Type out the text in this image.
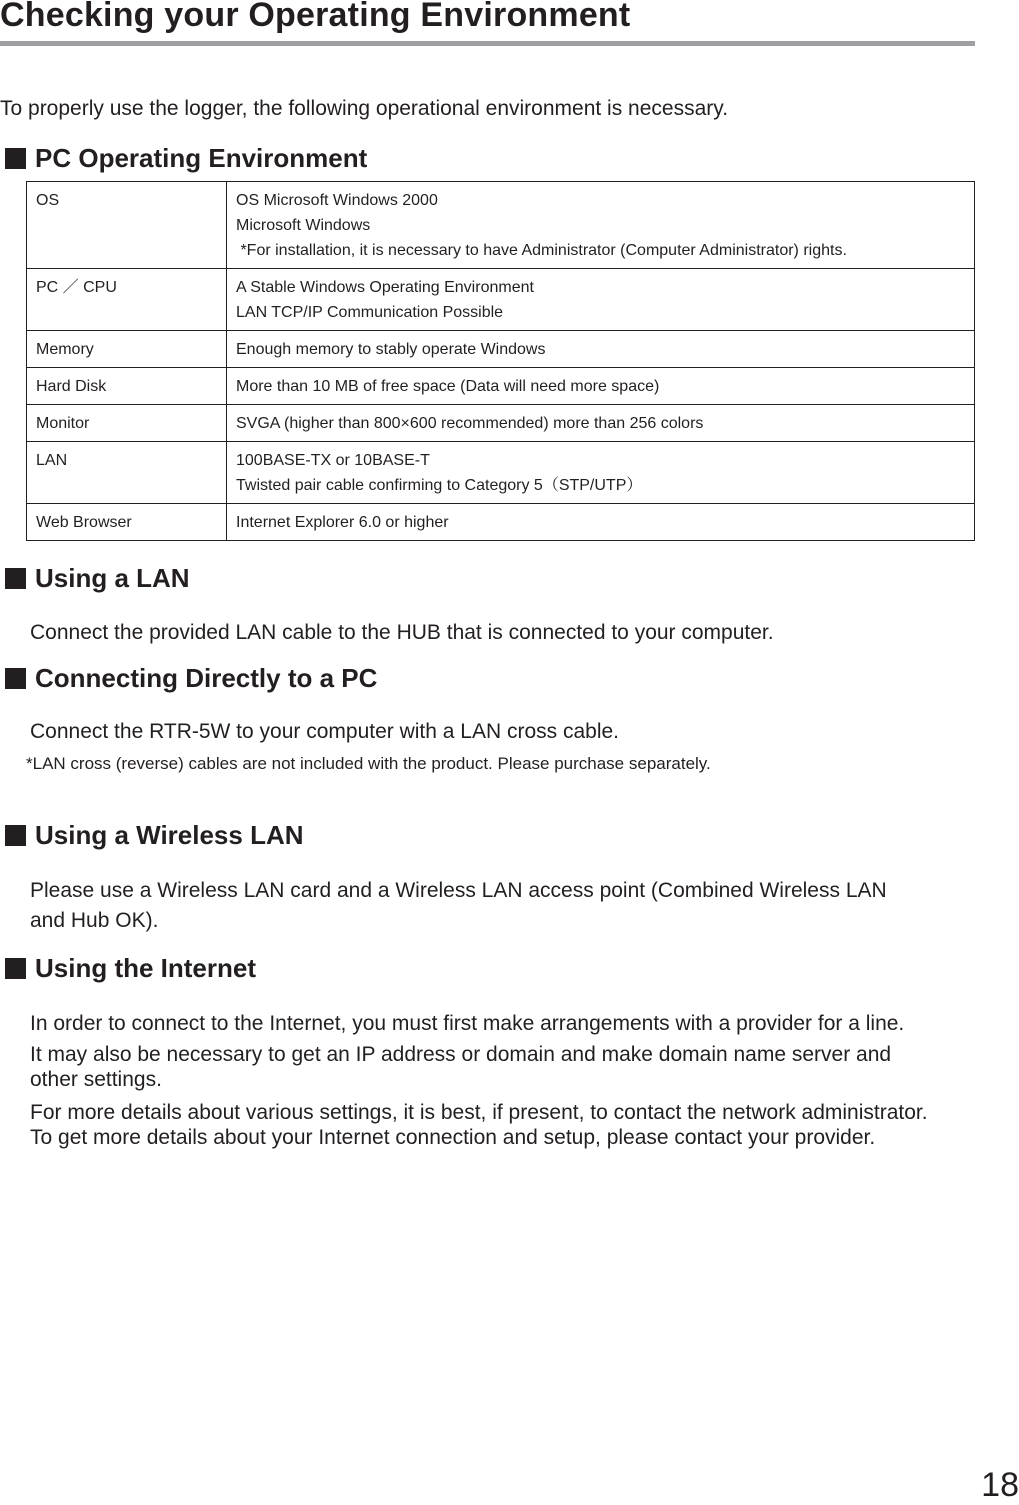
Checking your Operating Environment
To properly use the logger, the following operational environment is necessary.
PC Operating Environment
OS	OS Microsoft Windows 2000
Microsoft Windows
*For installation, it is necessary to have Administrator (Computer Administrator) rights.

PC ／ CPU	A Stable Windows Operating Environment
LAN TCP/IP Communication Possible

Memory	Enough memory to stably operate Windows

Hard Disk	More than 10 MB of free space (Data will need more space)

Monitor	SVGA (higher than 800×600 recommended) more than 256 colors

LAN	100BASE-TX or 10BASE-T
Twisted pair cable confirming to Category 5（STP/UTP）

Web Browser	Internet Explorer 6.0 or higher
Using a LAN

Connect the provided LAN cable to the HUB that is connected to your computer.

Connecting Directly to a PC

Connect the RTR-5W to your computer with a LAN cross cable.

*LAN cross (reverse) cables are not included with the product. Please purchase separately.

Using a Wireless LAN

Please use a Wireless LAN card and a Wireless LAN access point (Combined Wireless LAN

and Hub OK).

Using the Internet

In order to connect to the Internet, you must first make arrangements with a provider for a line.

It may also be necessary to get an IP address or domain and make domain name server and

other settings.

For more details about various settings, it is best, if present, to contact the network administrator.

To get more details about your Internet connection and setup, please contact your provider.

18
